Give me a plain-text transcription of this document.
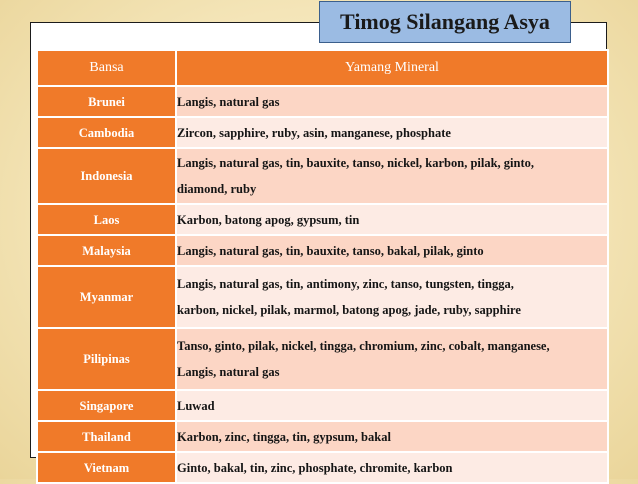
Timog Silangang Asya
Bansa	Yamang Mineral
Brunei	Langis, natural gas

Cambodia	Zircon, sapphire, ruby, asin, manganese, phosphate

Indonesia	Langis, natural gas, tin, bauxite, tanso, nickel, karbon, pilak, ginto,
diamond, ruby

Laos	Karbon, batong apog, gypsum, tin

Malaysia	Langis, natural gas, tin, bauxite, tanso, bakal, pilak, ginto

Myanmar	Langis, natural gas, tin, antimony, zinc, tanso, tungsten, tingga,
karbon, nickel, pilak, marmol, batong apog, jade, ruby, sapphire

Pilipinas	Tanso, ginto, pilak, nickel, tingga, chromium, zinc, cobalt, manganese,
Langis, natural gas

Singapore	Luwad

Thailand	Karbon, zinc, tingga, tin, gypsum, bakal

Vietnam	Ginto, bakal, tin, zinc, phosphate, chromite, karbon
